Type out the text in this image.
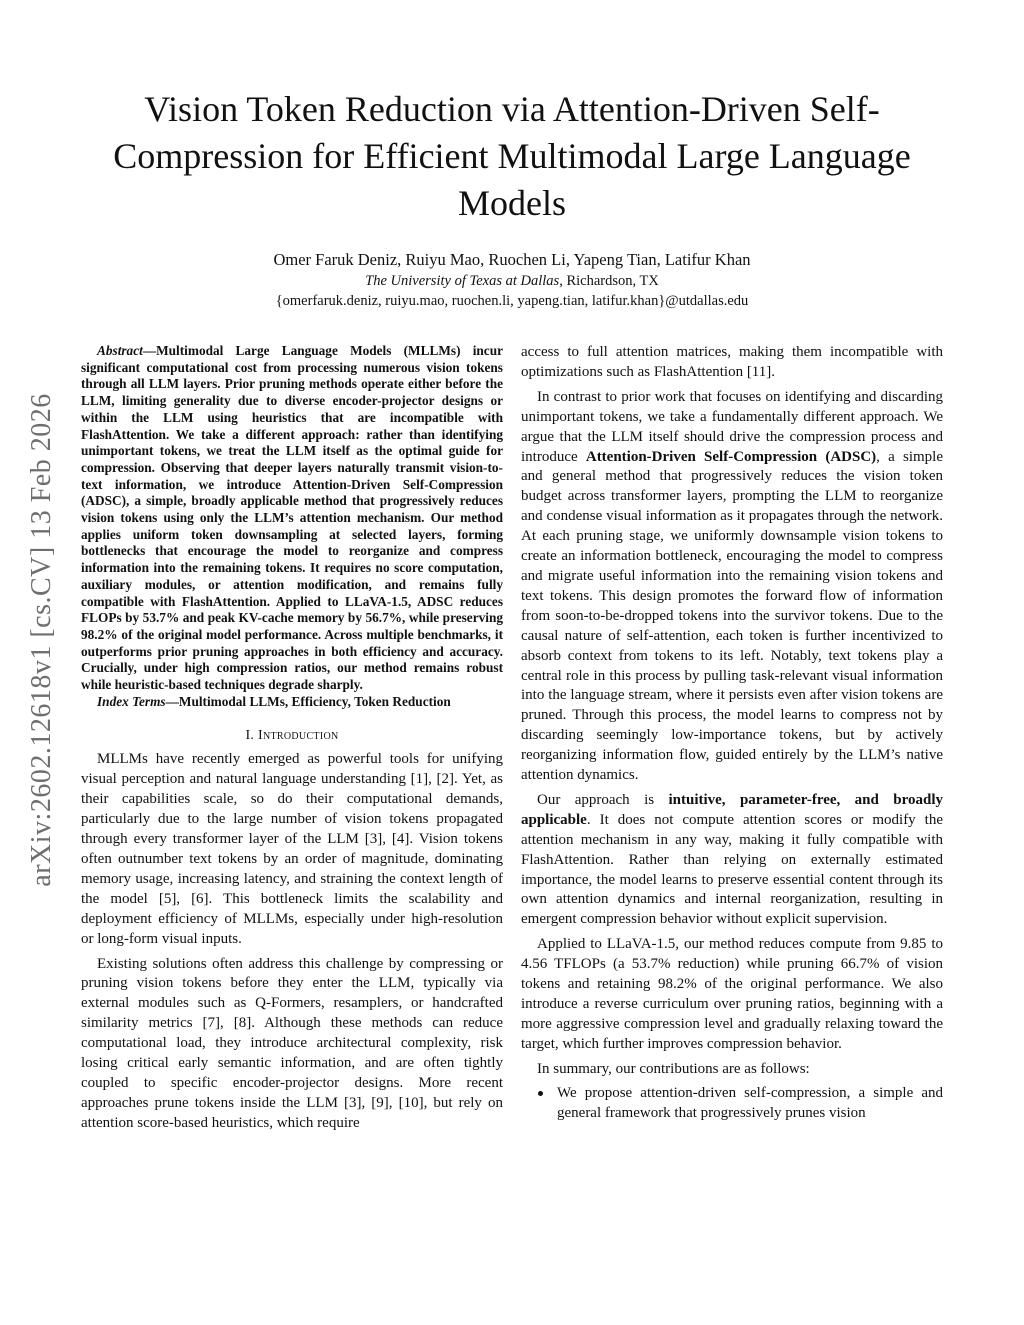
arXiv:2602.12618v1 [cs.CV] 13 Feb 2026
Vision Token Reduction via Attention-Driven Self-Compression for Efficient Multimodal Large Language Models
Omer Faruk Deniz, Ruiyu Mao, Ruochen Li, Yapeng Tian, Latifur Khan
The University of Texas at Dallas, Richardson, TX
{omerfaruk.deniz, ruiyu.mao, ruochen.li, yapeng.tian, latifur.khan}@utdallas.edu

Abstract—Multimodal Large Language Models (MLLMs) incur significant computational cost from processing numerous vision tokens through all LLM layers. Prior pruning methods operate either before the LLM, limiting generality due to diverse encoder-projector designs or within the LLM using heuristics that are incompatible with FlashAttention. We take a different approach: rather than identifying unimportant tokens, we treat the LLM itself as the optimal guide for compression. Observing that deeper layers naturally transmit vision-to-text information, we introduce Attention-Driven Self-Compression (ADSC), a simple, broadly applicable method that progressively reduces vision tokens using only the LLM’s attention mechanism. Our method applies uniform token downsampling at selected layers, forming bottlenecks that encourage the model to reorganize and compress information into the remaining tokens. It requires no score computation, auxiliary modules, or attention modification, and remains fully compatible with FlashAttention. Applied to LLaVA-1.5, ADSC reduces FLOPs by 53.7% and peak KV-cache memory by 56.7%, while preserving 98.2% of the original model performance. Across multiple benchmarks, it outperforms prior pruning approaches in both efficiency and accuracy. Crucially, under high compression ratios, our method remains robust while heuristic-based techniques degrade sharply.

Index Terms—Multimodal LLMs, Efficiency, Token Reduction

I. Introduction

MLLMs have recently emerged as powerful tools for unifying visual perception and natural language understanding [1], [2]. Yet, as their capabilities scale, so do their computational demands, particularly due to the large number of vision tokens propagated through every transformer layer of the LLM [3], [4]. Vision tokens often outnumber text tokens by an order of magnitude, dominating memory usage, increasing latency, and straining the context length of the model [5], [6]. This bottleneck limits the scalability and deployment efficiency of MLLMs, especially under high-resolution or long-form visual inputs.

Existing solutions often address this challenge by compressing or pruning vision tokens before they enter the LLM, typically via external modules such as Q-Formers, resamplers, or handcrafted similarity metrics [7], [8]. Although these methods can reduce computational load, they introduce architectural complexity, risk losing critical early semantic information, and are often tightly coupled to specific encoder-projector designs. More recent approaches prune tokens inside the LLM [3], [9], [10], but rely on attention score-based heuristics, which require

access to full attention matrices, making them incompatible with optimizations such as FlashAttention [11].

In contrast to prior work that focuses on identifying and discarding unimportant tokens, we take a fundamentally different approach. We argue that the LLM itself should drive the compression process and introduce Attention-Driven Self-Compression (ADSC), a simple and general method that progressively reduces the vision token budget across transformer layers, prompting the LLM to reorganize and condense visual information as it propagates through the network. At each pruning stage, we uniformly downsample vision tokens to create an information bottleneck, encouraging the model to compress and migrate useful information into the remaining vision tokens and text tokens. This design promotes the forward flow of information from soon-to-be-dropped tokens into the survivor tokens. Due to the causal nature of self-attention, each token is further incentivized to absorb context from tokens to its left. Notably, text tokens play a central role in this process by pulling task-relevant visual information into the language stream, where it persists even after vision tokens are pruned. Through this process, the model learns to compress not by discarding seemingly low-importance tokens, but by actively reorganizing information flow, guided entirely by the LLM’s native attention dynamics.

Our approach is intuitive, parameter-free, and broadly applicable. It does not compute attention scores or modify the attention mechanism in any way, making it fully compatible with FlashAttention. Rather than relying on externally estimated importance, the model learns to preserve essential content through its own attention dynamics and internal reorganization, resulting in emergent compression behavior without explicit supervision.

Applied to LLaVA-1.5, our method reduces compute from 9.85 to 4.56 TFLOPs (a 53.7% reduction) while pruning 66.7% of vision tokens and retaining 98.2% of the original performance. We also introduce a reverse curriculum over pruning ratios, beginning with a more aggressive compression level and gradually relaxing toward the target, which further improves compression behavior.

In summary, our contributions are as follows:

We propose attention-driven self-compression, a simple and general framework that progressively prunes vision
